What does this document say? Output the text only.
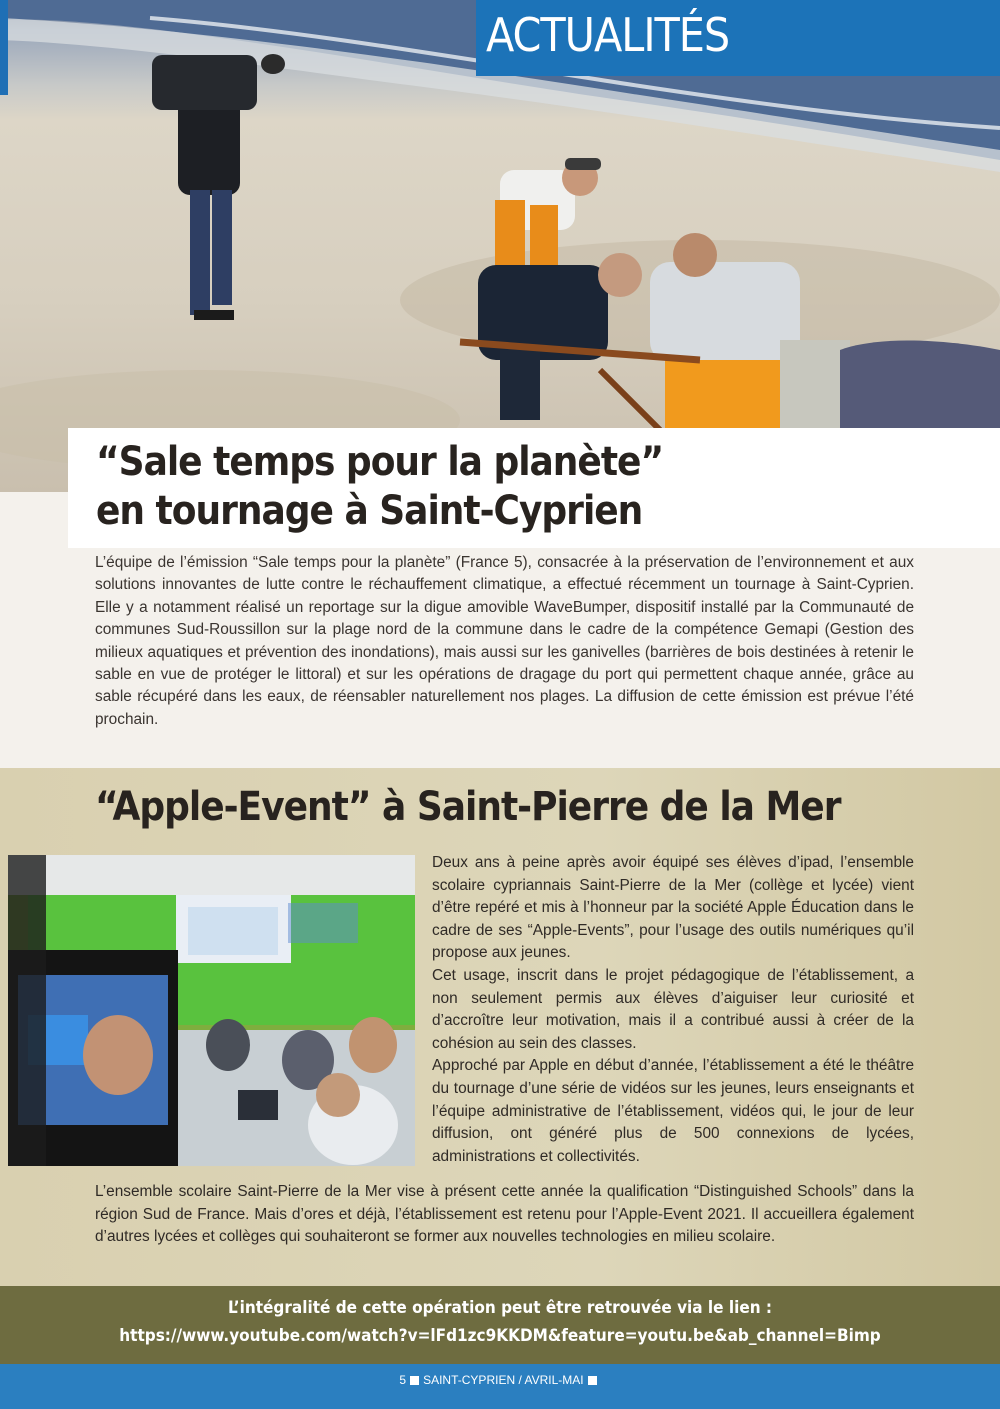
ACTUALITÉS
“Sale temps pour la planète”
en tournage à Saint-Cyprien
L’équipe de l’émission “Sale temps pour la planète” (France 5), consacrée à la préservation de l’environnement et aux solutions innovantes de lutte contre le réchauffement climatique, a effectué récemment un tournage à Saint-Cyprien. Elle y a notamment réalisé un reportage sur la digue amovible WaveBumper, dispositif installé par la Communauté de communes Sud-Roussillon sur la plage nord de la commune dans le cadre de la compétence Gemapi (Gestion des milieux aquatiques et prévention des inondations), mais aussi sur les ganivelles (barrières de bois destinées à retenir le sable en vue de protéger le littoral) et sur les opérations de dragage du port qui permettent chaque année, grâce au sable récupéré dans les eaux, de réensabler naturellement nos plages. La diffusion de cette émission est prévue l’été prochain.
“Apple-Event” à Saint-Pierre de la Mer

Deux ans à peine après avoir équipé ses élèves d’ipad, l’ensemble scolaire cypriannais Saint-Pierre de la Mer (collège et lycée) vient d’être repéré et mis à l’honneur par la société Apple Éducation dans le cadre de ses “Apple-Events”, pour l’usage des outils numériques qu’il propose aux jeunes.

Cet usage, inscrit dans le projet pédagogique de l’établissement, a non seulement permis aux élèves d’aiguiser leur curiosité et d’accroître leur motivation, mais il a contribué aussi à créer de la cohésion au sein des classes.

Approché par Apple en début d’année, l’établissement a été le théâtre du tournage d’une série de vidéos sur les jeunes, leurs enseignants et l’équipe administrative de l’établissement, vidéos qui, le jour de leur diffusion, ont généré plus de 500 connexions de lycées, administrations et collectivités.

L’ensemble scolaire Saint-Pierre de la Mer vise à présent cette année la qualification “Distinguished Schools” dans la région Sud de France. Mais d’ores et déjà, l’établissement est retenu pour l’Apple-Event 2021. Il accueillera également d’autres lycées et collèges qui souhaiteront se former aux nouvelles technologies en milieu scolaire.

L’intégralité de cette opération peut être retrouvée via le lien :
https://www.youtube.com/watch?v=lFd1zc9KKDM&feature=youtu.be&ab_channel=Bimp
5 SAINT-CYPRIEN / AVRIL-MAI
